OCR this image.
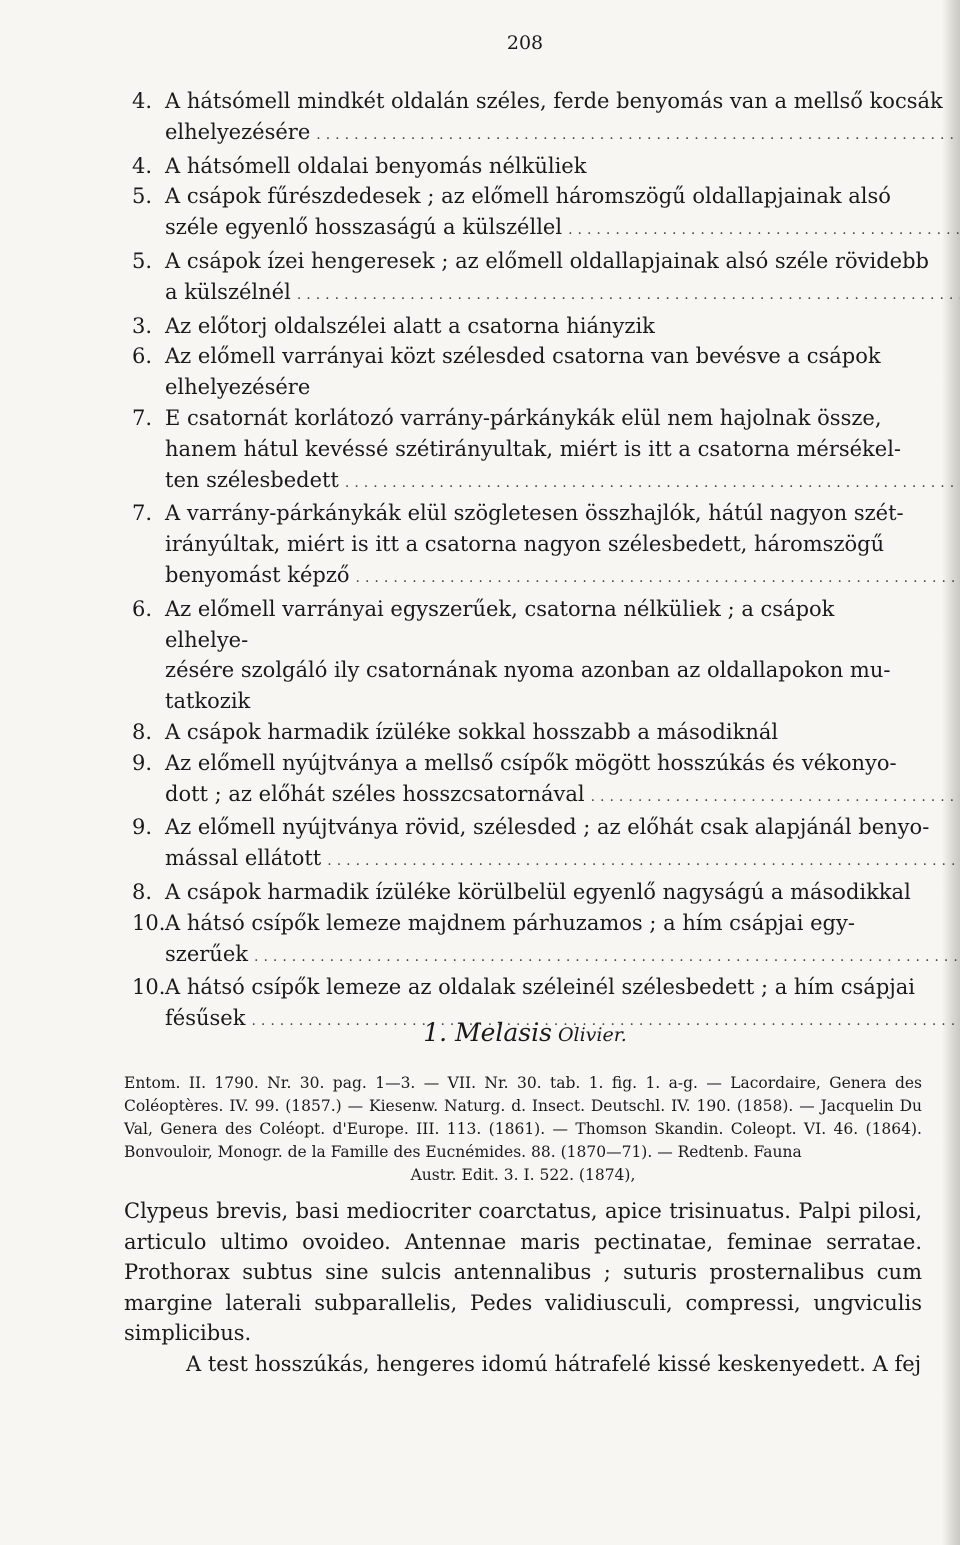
208
4. A hátsómell mindkét oldalán széles, ferde benyomás van a mellső kocsák
elhelyezésére
.....
4. A hátsómell oldalai benyomás nélküliek
5. A csápok fűrészdedesek ; az előmell háromszögű oldallapjainak alsó
széle egyenlő hosszaságú a külszéllel
.....
5. A csápok ízei hengeresek ; az előmell oldallapjainak alsó széle rövidebb
a külszélnél
.....
3. Az előtorj oldalszélei alatt a csatorna hiányzik
6. Az előmell varrányai közt szélesded csatorna van bevésve a csápok
elhelyezésére
7. E csatornát korlátozó varrány-párkánykák elül nem hajolnak össze,
hanem hátul kevéssé szétirányultak, miért is itt a csatorna mérsékel-
ten szélesbedett
.....
7. A varrány-párkánykák elül szögletesen összhajlók, hátúl nagyon szét-
irányúltak, miért is itt a csatorna nagyon szélesbedett, háromszögű
benyomást képző
.....
6. Az előmell varrányai egyszerűek, csatorna nélküliek ; a csápok elhelye-
zésére szolgáló ily csatornának nyoma azonban az oldallapokon mu-
tatkozik
8. A csápok harmadik ízüléke sokkal hosszabb a másodiknál
9. Az előmell nyújtványa a mellső csípők mögött hosszúkás és vékonyo-
dott ; az előhát széles hosszcsatornával
.....
9. Az előmell nyújtványa rövid, szélesded ; az előhát csak alapjánál benyo-
mással ellátott
.....
8. A csápok harmadik ízüléke körülbelül egyenlő nagyságú a másodikkal
10. A hátsó csípők lemeze majdnem párhuzamos ; a hím csápjai egy-
szerűek
.....
10. A hátsó csípők lemeze az oldalak széleinél szélesbedett ; a hím csápjai
fésűsek
.....	1. Melasis Olivier.
Entom. II. 1790. Nr. 30. pag. 1—3. — VII. Nr. 30. tab. 1. fig. 1. a-g. — Lacordaire, Genera des Coléoptères. IV. 99. (1857.) — Kiesenw. Naturg. d. Insect. Deutschl. IV. 190. (1858). — Jacquelin Du Val, Genera des Coléopt. d'Europe. III. 113. (1861). — Thomson Skandin. Coleopt. VI. 46. (1864). Bonvouloir, Monogr. de la Famille des Eucnémides. 88. (1870—71). — Redtenb. Fauna
Austr. Edit. 3. I. 522. (1874),

Clypeus brevis, basi mediocriter coarctatus, apice trisinuatus. Palpi pilosi, articulo ultimo ovoideo. Antennae maris pectinatae, feminae serratae. Prothorax subtus sine sulcis antennalibus ; suturis prosternalibus cum margine laterali subparallelis, Pedes validiusculi, compressi, ungviculis simplicibus.

A test hosszúkás, hengeres idomú hátrafelé kissé keskenyedett. A fej
